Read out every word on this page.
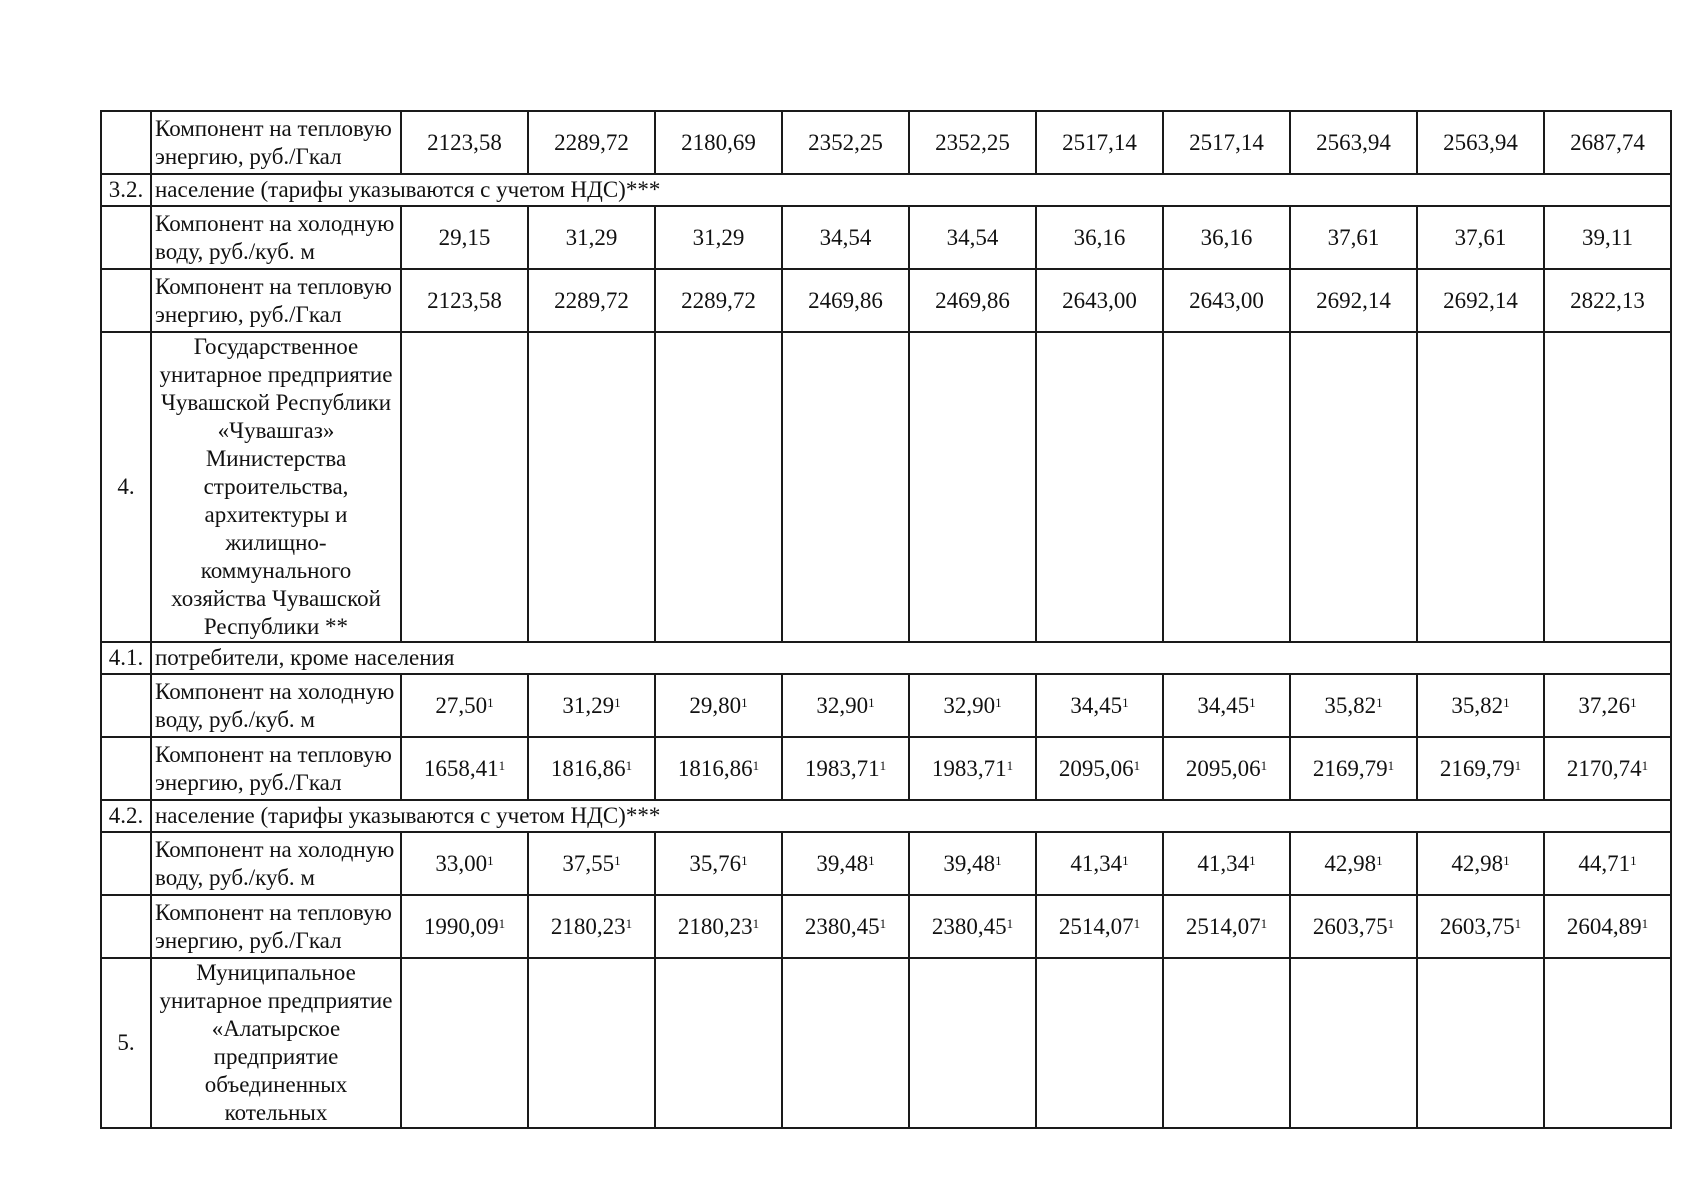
	Компонент на тепловую энергию, руб./Гкал	2123,58	2289,72	2180,69	2352,25	2352,25	2517,14	2517,14	2563,94	2563,94	2687,74
3.2.	население (тарифы указываются с учетом НДС)***										
	Компонент на холодную воду, руб./куб. м	29,15	31,29	31,29	34,54	34,54	36,16	36,16	37,61	37,61	39,11
	Компонент на тепловую энергию, руб./Гкал	2123,58	2289,72	2289,72	2469,86	2469,86	2643,00	2643,00	2692,14	2692,14	2822,13
4.	Государственное унитарное предприятие Чувашской Республики «Чувашгаз» Министерства строительства, архитектуры и жилищно-коммунального хозяйства Чувашской Республики **										
4.1.	потребители, кроме населения										
	Компонент на холодную воду, руб./куб. м	27,50$^1$	31,29$^1$	29,80$^1$	32,90$^1$	32,90$^1$	34,45$^1$	34,45$^1$	35,82$^1$	35,82$^1$	37,26$^1$
	Компонент на тепловую энергию, руб./Гкал	1658,41$^1$	1816,86$^1$	1816,86$^1$	1983,71$^1$	1983,71$^1$	2095,06$^1$	2095,06$^1$	2169,79$^1$	2169,79$^1$	2170,74$^1$
4.2.	население (тарифы указываются с учетом НДС)***										
	Компонент на холодную воду, руб./куб. м	33,00$^1$	37,55$^1$	35,76$^1$	39,48$^1$	39,48$^1$	41,34$^1$	41,34$^1$	42,98$^1$	42,98$^1$	44,71$^1$
	Компонент на тепловую энергию, руб./Гкал	1990,09$^1$	2180,23$^1$	2180,23$^1$	2380,45$^1$	2380,45$^1$	2514,07$^1$	2514,07$^1$	2603,75$^1$	2603,75$^1$	2604,89$^1$
5.	Муниципальное унитарное предприятие «Алатырское предприятие объединенных котельных										
